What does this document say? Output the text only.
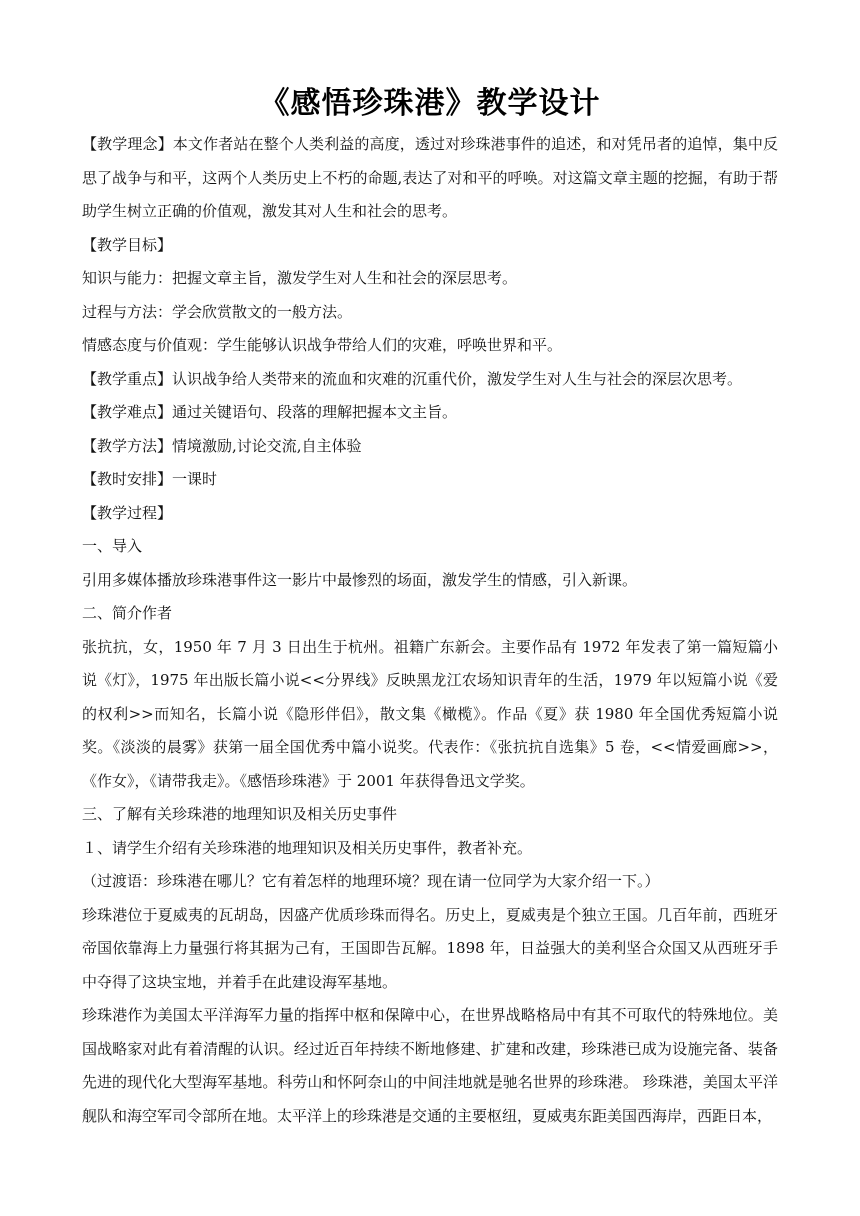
《感悟珍珠港》教学设计

【教学理念】本文作者站在整个人类利益的高度，透过对珍珠港事件的追述，和对凭吊者的追悼，集中反思了战争与和平，这两个人类历史上不朽的命题,表达了对和平的呼唤。对这篇文章主题的挖掘，有助于帮助学生树立正确的价值观，激发其对人生和社会的思考。

【教学目标】

知识与能力：把握文章主旨，激发学生对人生和社会的深层思考。

过程与方法：学会欣赏散文的一般方法。

情感态度与价值观：学生能够认识战争带给人们的灾难，呼唤世界和平。

【教学重点】认识战争给人类带来的流血和灾难的沉重代价，激发学生对人生与社会的深层次思考。

【教学难点】通过关键语句、段落的理解把握本文主旨。

【教学方法】情境激励,讨论交流,自主体验

【教时安排】一课时

【教学过程】

一、导入

引用多媒体播放珍珠港事件这一影片中最惨烈的场面，激发学生的情感，引入新课。

二、简介作者

张抗抗，女，1950 年 7 月 3 日出生于杭州。祖籍广东新会。主要作品有 1972 年发表了第一篇短篇小说《灯》，1975 年出版长篇小说<<分界线》反映黑龙江农场知识青年的生活，1979 年以短篇小说《爱的权利>>而知名，长篇小说《隐形伴侣》，散文集《橄榄》。作品《夏》获 1980 年全国优秀短篇小说奖。《淡淡的晨雾》获第一届全国优秀中篇小说奖。代表作：《张抗抗自选集》5 卷，<<情爱画廊>>，《作女》，《请带我走》。《感悟珍珠港》于 2001 年获得鲁迅文学奖。

三、了解有关珍珠港的地理知识及相关历史事件

１、请学生介绍有关珍珠港的地理知识及相关历史事件，教者补充。

（过渡语：珍珠港在哪儿？它有着怎样的地理环境？现在请一位同学为大家介绍一下。）

珍珠港位于夏威夷的瓦胡岛，因盛产优质珍珠而得名。历史上，夏威夷是个独立王国。几百年前，西班牙帝国依靠海上力量强行将其据为己有，王国即告瓦解。1898 年，日益强大的美利坚合众国又从西班牙手中夺得了这块宝地，并着手在此建设海军基地。

珍珠港作为美国太平洋海军力量的指挥中枢和保障中心，在世界战略格局中有其不可取代的特殊地位。美国战略家对此有着清醒的认识。经过近百年持续不断地修建、扩建和改建，珍珠港已成为设施完备、装备先进的现代化大型海军基地。科劳山和怀阿奈山的中间洼地就是驰名世界的珍珠港。 珍珠港，美国太平洋舰队和海空军司令部所在地。太平洋上的珍珠港是交通的主要枢纽，夏威夷东距美国西海岸，西距日本，
